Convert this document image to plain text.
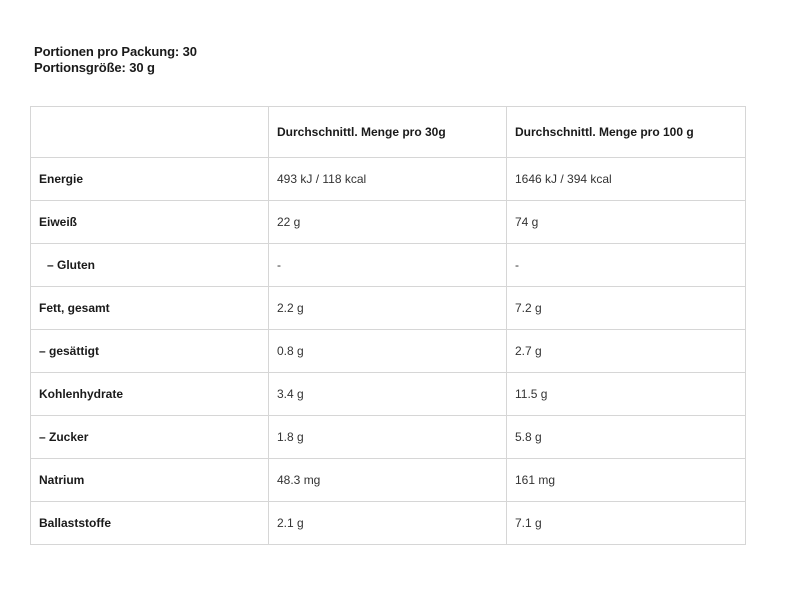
Portionen pro Packung: 30
Portionsgröße: 30 g
	Durchschnittl. Menge pro 30g	Durchschnittl. Menge pro 100 g
Energie	493 kJ / 118 kcal	1646 kJ / 394 kcal
Eiweiß	22 g	74 g
– Gluten	-	-
Fett, gesamt	2.2 g	7.2 g
– gesättigt	0.8 g	2.7 g
Kohlenhydrate	3.4 g	11.5 g
– Zucker	1.8 g	5.8 g
Natrium	48.3 mg	161 mg
Ballaststoffe	2.1 g	7.1 g
